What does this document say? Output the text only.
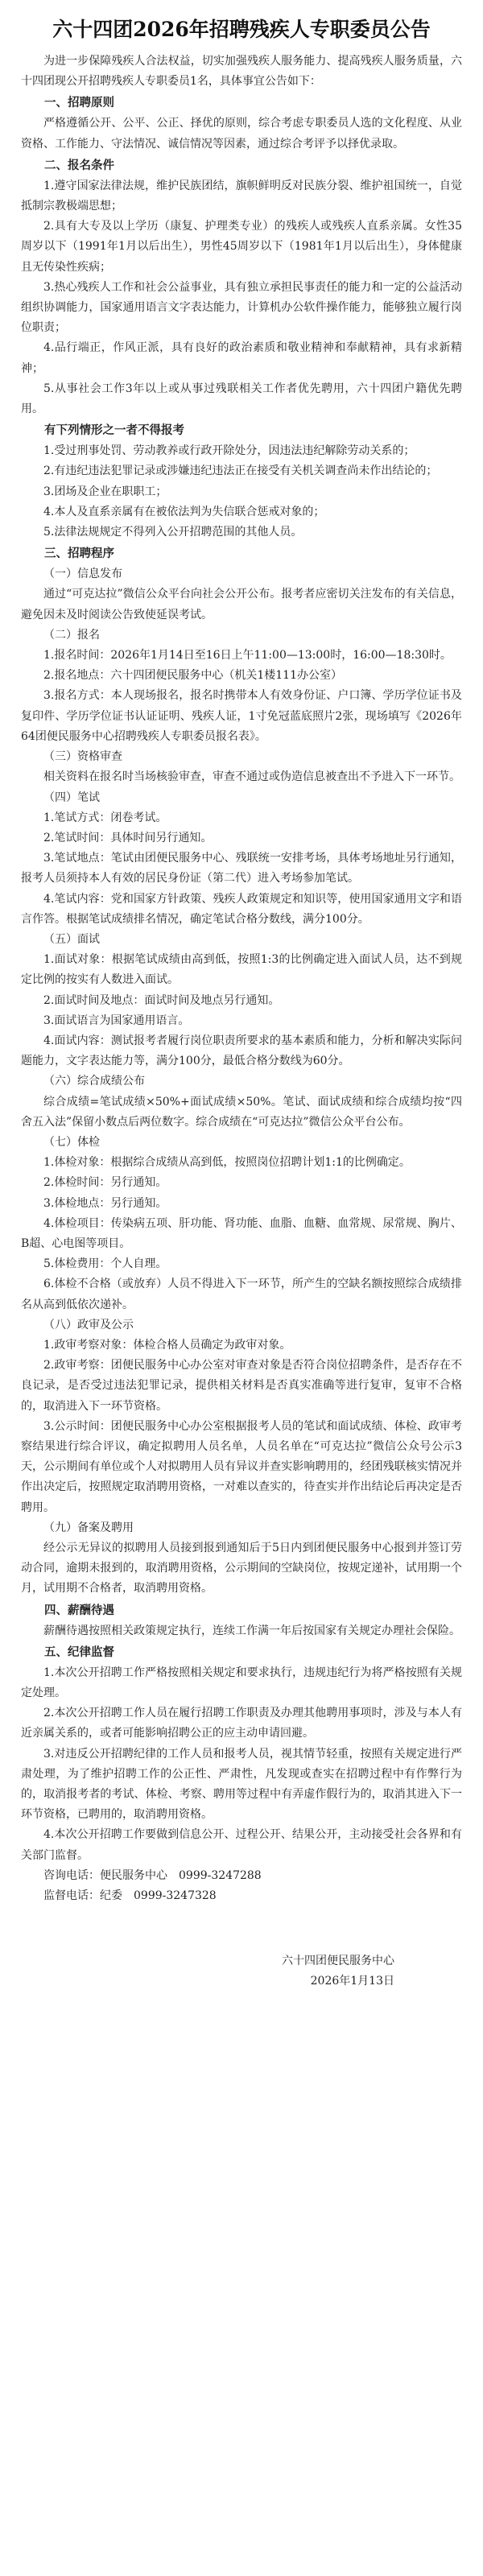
六十四团2026年招聘残疾人专职委员公告

为进一步保障残疾人合法权益，切实加强残疾人服务能力、提高残疾人服务质量，六十四团现公开招聘残疾人专职委员1名，具体事宜公告如下：

一、招聘原则

严格遵循公开、公平、公正、择优的原则，综合考虑专职委员人选的文化程度、从业资格、工作能力、守法情况、诚信情况等因素，通过综合考评予以择优录取。

二、报名条件

1.遵守国家法律法规，维护民族团结，旗帜鲜明反对民族分裂、维护祖国统一，自觉抵制宗教极端思想；

2.具有大专及以上学历（康复、护理类专业）的残疾人或残疾人直系亲属。女性35周岁以下（1991年1月以后出生），男性45周岁以下（1981年1月以后出生），身体健康且无传染性疾病；

3.热心残疾人工作和社会公益事业，具有独立承担民事责任的能力和一定的公益活动组织协调能力，国家通用语言文字表达能力，计算机办公软件操作能力，能够独立履行岗位职责；

4.品行端正，作风正派，具有良好的政治素质和敬业精神和奉献精神，具有求新精神；

5.从事社会工作3年以上或从事过残联相关工作者优先聘用，六十四团户籍优先聘用。

有下列情形之一者不得报考

1.受过刑事处罚、劳动教养或行政开除处分，因违法违纪解除劳动关系的；

2.有违纪违法犯罪记录或涉嫌违纪违法正在接受有关机关调查尚未作出结论的；

3.团场及企业在职职工；

4.本人及直系亲属有在被依法判为失信联合惩戒对象的；

5.法律法规规定不得列入公开招聘范围的其他人员。

三、招聘程序

（一）信息发布

通过“可克达拉”微信公众平台向社会公开公布。报考者应密切关注发布的有关信息，避免因未及时阅读公告致使延误考试。

（二）报名

1.报名时间：2026年1月14日至16日上午11:00—13:00时，16:00—18:30时。

2.报名地点：六十四团便民服务中心（机关1楼111办公室）

3.报名方式：本人现场报名，报名时携带本人有效身份证、户口簿、学历学位证书及复印件、学历学位证书认证证明、残疾人证，1寸免冠蓝底照片2张，现场填写《2026年64团便民服务中心招聘残疾人专职委员报名表》。

（三）资格审查

相关资料在报名时当场核验审查，审查不通过或伪造信息被查出不予进入下一环节。

（四）笔试

1.笔试方式：闭卷考试。

2.笔试时间：具体时间另行通知。

3.笔试地点：笔试由团便民服务中心、残联统一安排考场，具体考场地址另行通知，报考人员须持本人有效的居民身份证（第二代）进入考场参加笔试。

4.笔试内容：党和国家方针政策、残疾人政策规定和知识等，使用国家通用文字和语言作答。根据笔试成绩排名情况，确定笔试合格分数线，满分100分。

（五）面试

1.面试对象：根据笔试成绩由高到低，按照1:3的比例确定进入面试人员，达不到规定比例的按实有人数进入面试。

2.面试时间及地点：面试时间及地点另行通知。

3.面试语言为国家通用语言。

4.面试内容：测试报考者履行岗位职责所要求的基本素质和能力，分析和解决实际问题能力，文字表达能力等，满分100分，最低合格分数线为60分。

（六）综合成绩公布

综合成绩=笔试成绩×50%+面试成绩×50%。笔试、面试成绩和综合成绩均按“四舍五入法”保留小数点后两位数字。综合成绩在“可克达拉”微信公众平台公布。

（七）体检

1.体检对象：根据综合成绩从高到低，按照岗位招聘计划1:1的比例确定。

2.体检时间：另行通知。

3.体检地点：另行通知。

4.体检项目：传染病五项、肝功能、肾功能、血脂、血糖、血常规、尿常规、胸片、B超、心电图等项目。

5.体检费用：个人自理。

6.体检不合格（或放弃）人员不得进入下一环节，所产生的空缺名额按照综合成绩排名从高到低依次递补。

（八）政审及公示

1.政审考察对象：体检合格人员确定为政审对象。

2.政审考察：团便民服务中心办公室对审查对象是否符合岗位招聘条件，是否存在不良记录，是否受过违法犯罪记录，提供相关材料是否真实准确等进行复审，复审不合格的，取消进入下一环节资格。

3.公示时间：团便民服务中心办公室根据报考人员的笔试和面试成绩、体检、政审考察结果进行综合评议，确定拟聘用人员名单，人员名单在“可克达拉”微信公众号公示3天，公示期间有单位或个人对拟聘用人员有异议并查实影响聘用的，经团残联核实情况并作出决定后，按照规定取消聘用资格，一对难以查实的，待查实并作出结论后再决定是否聘用。

（九）备案及聘用

经公示无异议的拟聘用人员接到报到通知后于5日内到团便民服务中心报到并签订劳动合同，逾期未报到的，取消聘用资格，公示期间的空缺岗位，按规定递补，试用期一个月，试用期不合格者，取消聘用资格。

四、薪酬待遇

薪酬待遇按照相关政策规定执行，连续工作满一年后按国家有关规定办理社会保险。

五、纪律监督

1.本次公开招聘工作严格按照相关规定和要求执行，违规违纪行为将严格按照有关规定处理。

2.本次公开招聘工作人员在履行招聘工作职责及办理其他聘用事项时，涉及与本人有近亲属关系的，或者可能影响招聘公正的应主动申请回避。

3.对违反公开招聘纪律的工作人员和报考人员，视其情节轻重，按照有关规定进行严肃处理，为了维护招聘工作的公正性、严肃性，凡发现或查实在招聘过程中有作弊行为的，取消报考者的考试、体检、考察、聘用等过程中有弄虚作假行为的，取消其进入下一环节资格，已聘用的，取消聘用资格。

4.本次公开招聘工作要做到信息公开、过程公开、结果公开，主动接受社会各界和有关部门监督。

咨询电话：便民服务中心　0999-3247288

监督电话：纪委　0999-3247328

六十四团便民服务中心

2026年1月13日
